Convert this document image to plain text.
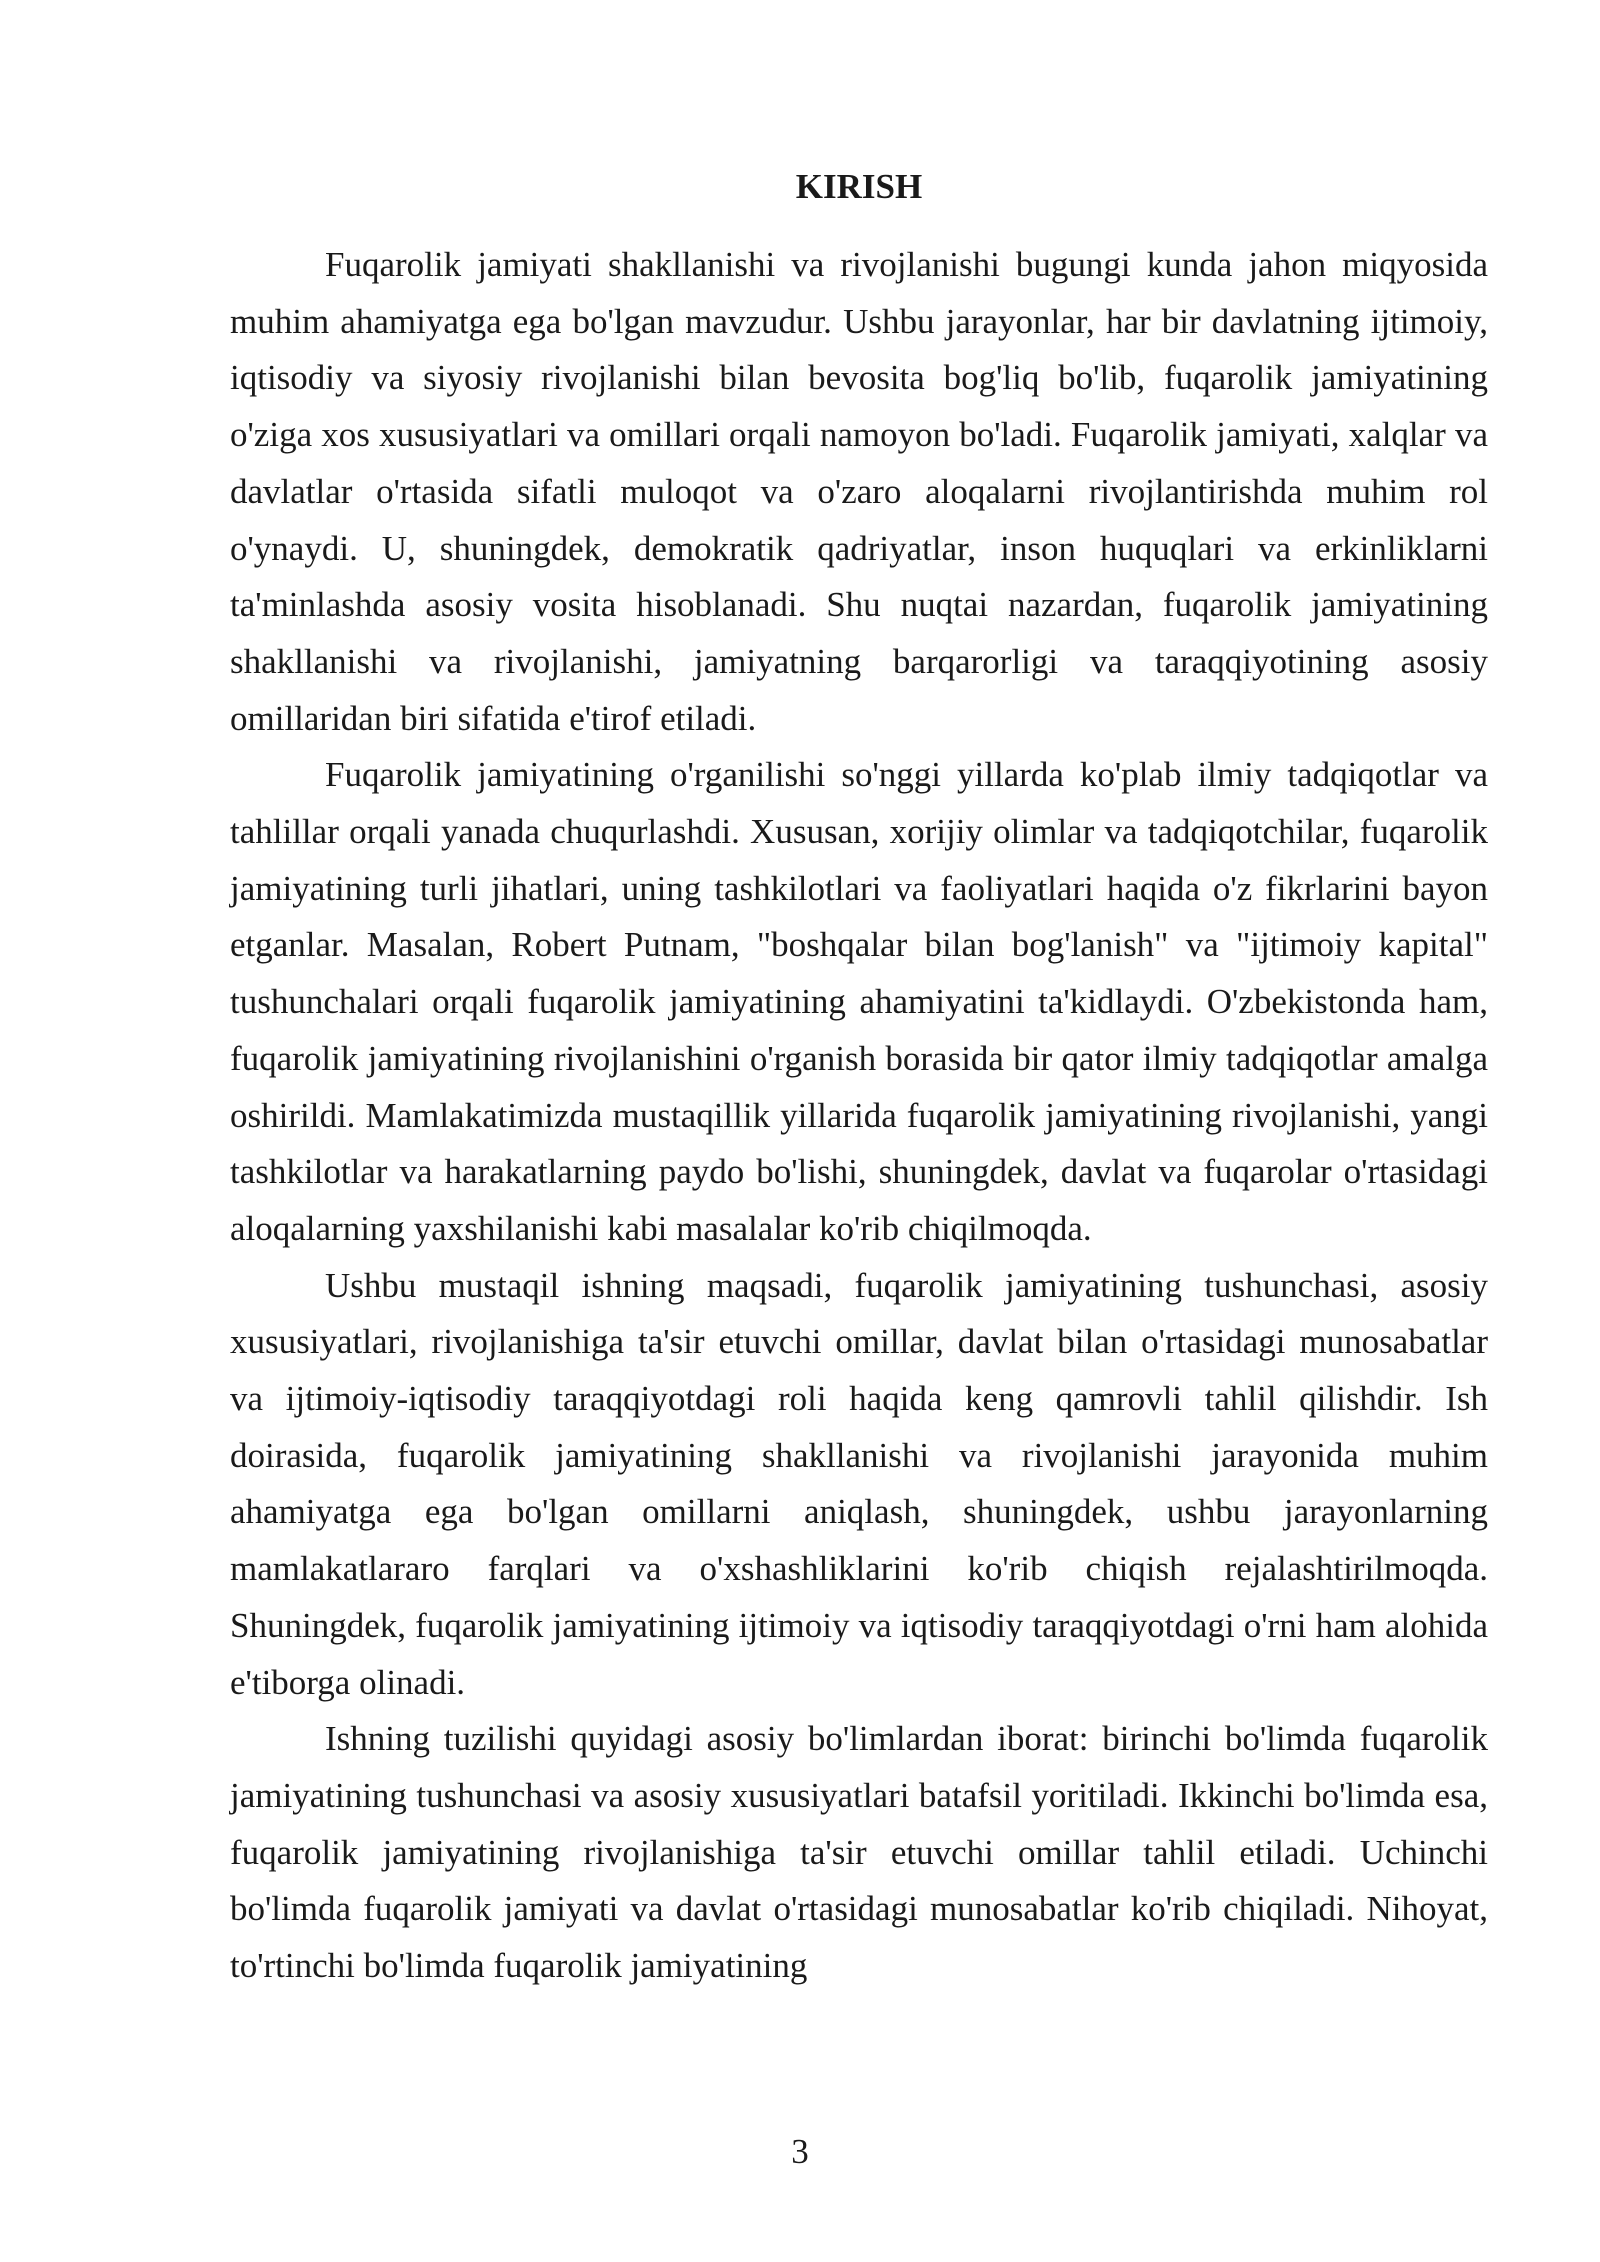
KIRISH

Fuqarolik jamiyati shakllanishi va rivojlanishi bugungi kunda jahon miqyosida muhim ahamiyatga ega bo'lgan mavzudur. Ushbu jarayonlar, har bir davlatning ijtimoiy, iqtisodiy va siyosiy rivojlanishi bilan bevosita bog'liq bo'lib, fuqarolik jamiyatining o'ziga xos xususiyatlari va omillari orqali namoyon bo'ladi. Fuqarolik jamiyati, xalqlar va davlatlar o'rtasida sifatli muloqot va o'zaro aloqalarni rivojlantirishda muhim rol o'ynaydi. U, shuningdek, demokratik qadriyatlar, inson huquqlari va erkinliklarni ta'minlashda asosiy vosita hisoblanadi. Shu nuqtai nazardan, fuqarolik jamiyatining shakllanishi va rivojlanishi, jamiyatning barqarorligi va taraqqiyotining asosiy omillaridan biri sifatida e'tirof etiladi.

Fuqarolik jamiyatining o'rganilishi so'nggi yillarda ko'plab ilmiy tadqiqotlar va tahlillar orqali yanada chuqurlashdi. Xususan, xorijiy olimlar va tadqiqotchilar, fuqarolik jamiyatining turli jihatlari, uning tashkilotlari va faoliyatlari haqida o'z fikrlarini bayon etganlar. Masalan, Robert Putnam, "boshqalar bilan bog'lanish" va "ijtimoiy kapital" tushunchalari orqali fuqarolik jamiyatining ahamiyatini ta'kidlaydi. O'zbekistonda ham, fuqarolik jamiyatining rivojlanishini o'rganish borasida bir qator ilmiy tadqiqotlar amalga oshirildi. Mamlakatimizda mustaqillik yillarida fuqarolik jamiyatining rivojlanishi, yangi tashkilotlar va harakatlarning paydo bo'lishi, shuningdek, davlat va fuqarolar o'rtasidagi aloqalarning yaxshilanishi kabi masalalar ko'rib chiqilmoqda.

Ushbu mustaqil ishning maqsadi, fuqarolik jamiyatining tushunchasi, asosiy xususiyatlari, rivojlanishiga ta'sir etuvchi omillar, davlat bilan o'rtasidagi munosabatlar va ijtimoiy-iqtisodiy taraqqiyotdagi roli haqida keng qamrovli tahlil qilishdir. Ish doirasida, fuqarolik jamiyatining shakllanishi va rivojlanishi jarayonida muhim ahamiyatga ega bo'lgan omillarni aniqlash, shuningdek, ushbu jarayonlarning mamlakatlararo farqlari va o'xshashliklarini ko'rib chiqish rejalashtirilmoqda. Shuningdek, fuqarolik jamiyatining ijtimoiy va iqtisodiy taraqqiyotdagi o'rni ham alohida e'tiborga olinadi.

Ishning tuzilishi quyidagi asosiy bo'limlardan iborat: birinchi bo'limda fuqarolik jamiyatining tushunchasi va asosiy xususiyatlari batafsil yoritiladi. Ikkinchi bo'limda esa, fuqarolik jamiyatining rivojlanishiga ta'sir etuvchi omillar tahlil etiladi. Uchinchi bo'limda fuqarolik jamiyati va davlat o'rtasidagi munosabatlar ko'rib chiqiladi. Nihoyat, to'rtinchi bo'limda fuqarolik jamiyatining

3
